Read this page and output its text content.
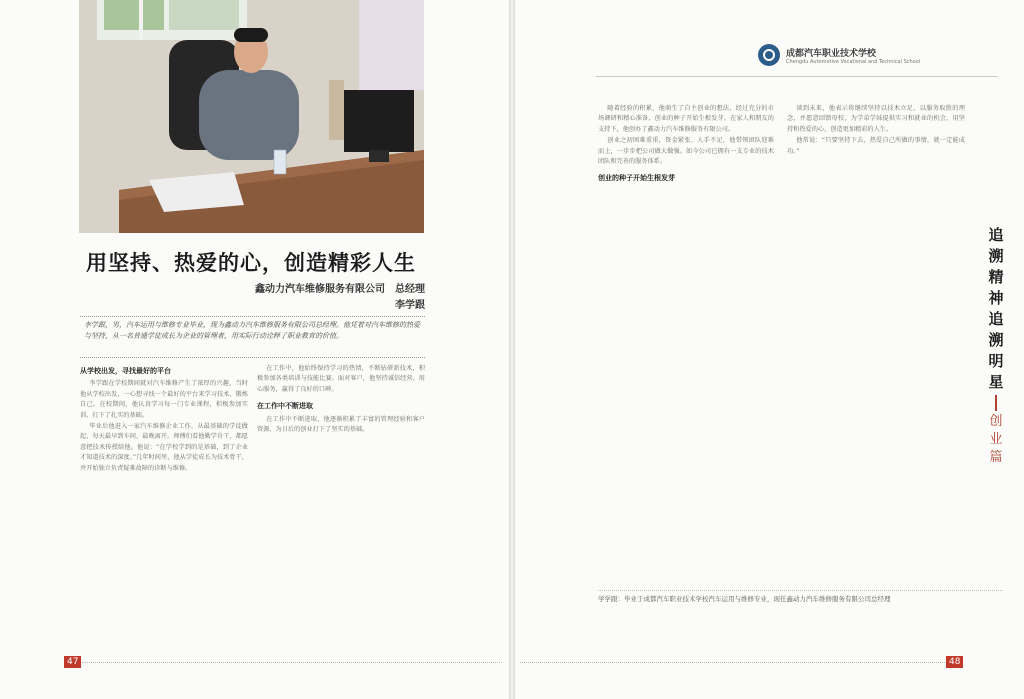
用坚持、热爱的心，创造精彩人生
鑫动力汽车维修服务有限公司　总经理
李学跟

李学跟，男，汽车运用与维修专业毕业，现为鑫动力汽车维修服务有限公司总经理。他凭着对汽车维修的热爱与坚持，从一名普通学徒成长为企业的管理者，用实际行动诠释了职业教育的价值。

从学校出发，寻找最好的平台

李学跟在学校期间就对汽车维修产生了浓厚的兴趣，当时他从学校出发，一心想寻找一个最好的平台来学习技术、锻炼自己。在校期间，他认真学习每一门专业课程，积极参加实训，打下了扎实的基础。

毕业后他进入一家汽车维修企业工作，从最基础的学徒做起，每天最早到车间，最晚离开。师傅们看他勤学肯干，都愿意把技术传授给他。他说：“在学校学到的是基础，到了企业才知道技术的深度。”几年时间里，他从学徒成长为技术骨干，并开始独立负责疑难故障的诊断与维修。

在工作中，他始终保持学习的热情，不断钻研新技术，积极参加各类培训与技能比赛。面对客户，他坚持诚信经营、用心服务，赢得了良好的口碑。

在工作中不断进取

在工作中不断进取，他逐渐积累了丰富的管理经验和客户资源，为日后的创业打下了坚实的基础。

成都汽车职业技术学校
Chengdu Automotive Vocational and Technical School

随着经验的积累，他萌生了自主创业的想法，经过充分的市场调研和精心准备，创业的种子开始生根发芽。在家人和朋友的支持下，他创办了鑫动力汽车维修服务有限公司。

创业之初困难重重，资金紧张、人手不足，他带领团队迎难而上，一步步把公司做大做强。如今公司已拥有一支专业的技术团队和完善的服务体系。

创业的种子开始生根发芽

谈到未来，他表示将继续坚持以技术立足、以服务取胜的理念，并愿意回馈母校，为学弟学妹提供实习和就业的机会，用坚持和热爱的心，创造更加精彩的人生。

他常说：“只要坚持下去，热爱自己所做的事情，就一定能成功。”

追
溯
精
神
追
溯
明
星
创
业
篇
学学跟：毕业于成都汽车职业技术学校汽车运用与维修专业，现任鑫动力汽车维修服务有限公司总经理
47	48
